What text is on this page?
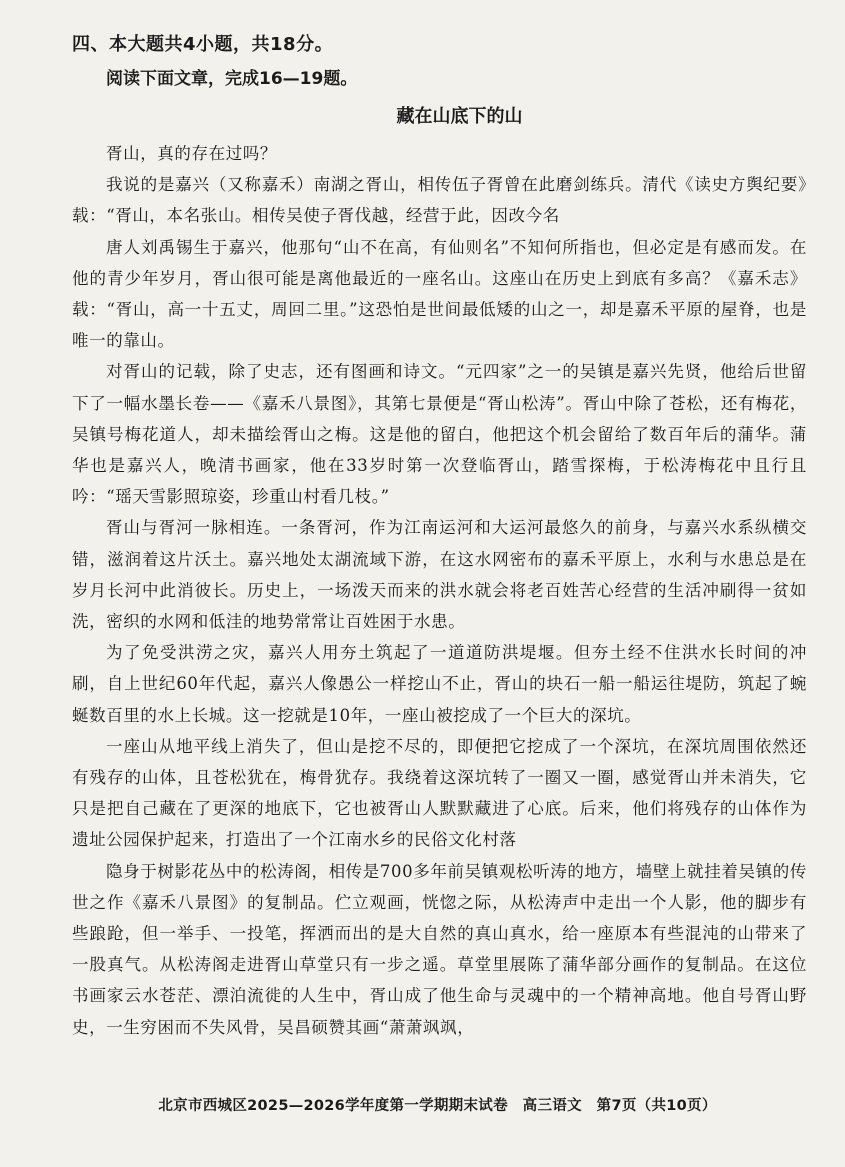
四、本大题共4小题，共18分。
阅读下面文章，完成16—19题。
藏在山底下的山

胥山，真的存在过吗？

我说的是嘉兴（又称嘉禾）南湖之胥山，相传伍子胥曾在此磨剑练兵。清代《读史方舆纪要》载：“胥山，本名张山。相传吴使子胥伐越，经营于此，因改今名

唐人刘禹锡生于嘉兴，他那句“山不在高，有仙则名”不知何所指也，但必定是有感而发。在他的青少年岁月，胥山很可能是离他最近的一座名山。这座山在历史上到底有多高？《嘉禾志》载：“胥山，高一十五丈，周回二里。”这恐怕是世间最低矮的山之一，却是嘉禾平原的屋脊，也是唯一的靠山。

对胥山的记载，除了史志，还有图画和诗文。“元四家”之一的吴镇是嘉兴先贤，他给后世留下了一幅水墨长卷——《嘉禾八景图》，其第七景便是“胥山松涛”。胥山中除了苍松，还有梅花，吴镇号梅花道人，却未描绘胥山之梅。这是他的留白，他把这个机会留给了数百年后的蒲华。蒲华也是嘉兴人，晚清书画家，他在33岁时第一次登临胥山，踏雪探梅，于松涛梅花中且行且吟：“瑶天雪影照琼姿，珍重山村看几枝。”

胥山与胥河一脉相连。一条胥河，作为江南运河和大运河最悠久的前身，与嘉兴水系纵横交错，滋润着这片沃土。嘉兴地处太湖流域下游，在这水网密布的嘉禾平原上，水利与水患总是在岁月长河中此消彼长。历史上，一场泼天而来的洪水就会将老百姓苦心经营的生活冲刷得一贫如洗，密织的水网和低洼的地势常常让百姓困于水患。

为了免受洪涝之灾，嘉兴人用夯土筑起了一道道防洪堤堰。但夯土经不住洪水长时间的冲刷，自上世纪60年代起，嘉兴人像愚公一样挖山不止，胥山的块石一船一船运往堤防，筑起了蜿蜒数百里的水上长城。这一挖就是10年，一座山被挖成了一个巨大的深坑。

一座山从地平线上消失了，但山是挖不尽的，即便把它挖成了一个深坑，在深坑周围依然还有残存的山体，且苍松犹在，梅骨犹存。我绕着这深坑转了一圈又一圈，感觉胥山并未消失，它只是把自己藏在了更深的地底下，它也被胥山人默默藏进了心底。后来，他们将残存的山体作为遗址公园保护起来，打造出了一个江南水乡的民俗文化村落

隐身于树影花丛中的松涛阁，相传是700多年前吴镇观松听涛的地方，墙壁上就挂着吴镇的传世之作《嘉禾八景图》的复制品。伫立观画，恍惚之际，从松涛声中走出一个人影，他的脚步有些踉跄，但一举手、一投笔，挥洒而出的是大自然的真山真水，给一座原本有些混沌的山带来了一股真气。从松涛阁走进胥山草堂只有一步之遥。草堂里展陈了蒲华部分画作的复制品。在这位书画家云水苍茫、漂泊流徙的人生中，胥山成了他生命与灵魂中的一个精神高地。他自号胥山野史，一生穷困而不失风骨，吴昌硕赞其画“萧萧飒飒，

北京市西城区2025—2026学年度第一学期期末试卷　高三语文　第7页（共10页）
